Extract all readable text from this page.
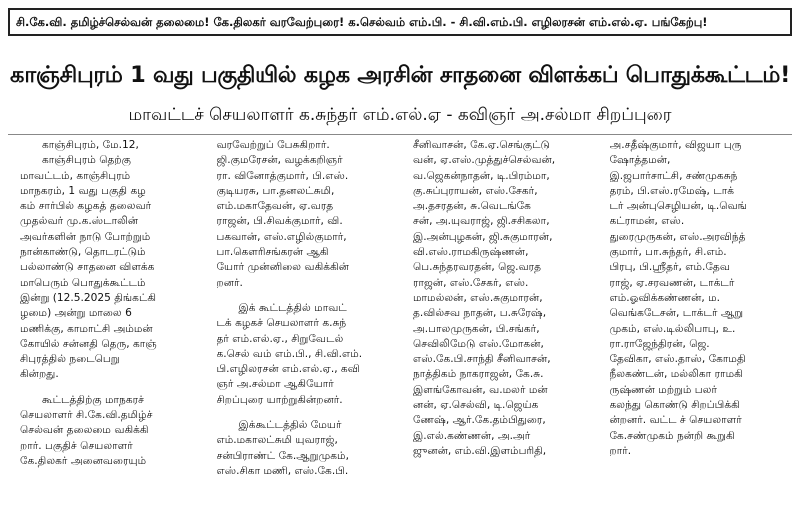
சி.கே.வி. தமிழ்ச்செல்வன் தலைமை! கே.திலகர் வரவேற்புரை! க.செல்வம் எம்.பி. - சி.வி.எம்.பி. எழிலரசன் எம்.எல்.ஏ. பங்கேற்பு!
காஞ்சிபுரம் 1 வது பகுதியில் கழக அரசின் சாதனை விளக்கப் பொதுக்கூட்டம்!
மாவட்டச் செயலாளர் க.சுந்தர் எம்.எல்.ஏ - கவிஞர் அ.சல்மா சிறப்புரை
காஞ்சிபுரம், மே.12,
காஞ்சிபுரம் தெற்கு
மாவட்டம், காஞ்சிபுரம்
மாநகரம், 1 வது பகுதி கழ
கம் சார்பில் கழகத் தலைவர்
முதல்வர் மு.க.ஸ்டாலின்
அவர்களின் நாடு போற்றும்
நான்காண்டு, தொடரட்டும்
பல்லாண்டு சாதனை விளக்க
மாபெரும் பொதுக்கூட்டம்
இன்று (12.5.2025 திங்கட்கி
ழமை) அன்று மாலை 6
மணிக்கு, காமாட்சி அம்மன்
கோயில் சன்னதி தெரு, காஞ்
சிபுரத்தில் நடைபெறு
கின்றது.
கூட்டத்திற்கு மாநகரச்
செயலாளர் சி.கே.வி.தமிழ்ச்
செல்வன் தலைமை வகிக்கி
றார். பகுதிச் செயலாளர்
கே.திலகர் அனைவரையும்
வரவேற்றுப் பேசுகிறார்.
ஜி.குமரேசன், வழக்கறிஞர்
ரா. வினோத்குமார், பி.எஸ்.
குடியரசு, பா.தனலட்சுமி,
எம்.மகாதேவன், ஏ.வரத
ராஜன், பி.சிவக்குமார், வி.
பகவான், எஸ்.எழில்குமார்,
பா.கௌரிசங்கரன் ஆகி
யோர் முன்னிலை வகிக்கின்
றனர்.
இக் கூட்டத்தில் மாவட்
டக் கழகச் செயலாளர் க.சுந்
தர் எம்.எல்.ஏ., சிறுவேடல்
க.செல் வம் எம்.பி., சி.வி.எம்.
பி.எழிலரசன் எம்.எல்.ஏ., கவி
ஞர் அ.சல்மா ஆகியோர்
சிறப்புரை யாற்றுகின்றனர்.
இக்கூட்டத்தில் மேயர்
எம்.மகாலட்சுமி யுவராஜ்,
சன்பிராண்ட் கே.ஆறுமுகம்,
எஸ்.சிகா மணி, எஸ்.கே.பி.
சீனிவாசன், கே.ஏ.செங்குட்டு
வன், ஏ.எஸ்.முத்துச்செல்வன்,
வ.ஜெகன்நாதன், டி.பிரம்மா,
கு.சுப்புராயன், எஸ்.சேகர்,
அ.தசரதன், சு.வெடங்கே
சன், அ.யுவராஜ், ஜி.சசிகலா,
இ.அன்புழகன், ஜி.சுகுமாரன்,
வி.எஸ்.ராமகிருஷ்ணன்,
பெ.சுந்தரவரதன், ஜெ.வரத
ராஜன், எஸ்.சேகர், எஸ்.
மாமல்லன், எஸ்.சுகுமாரன்,
த.வில்சவ நாதன், ப.சுரேஷ்,
அ.பாலமுருகன், பி.சங்கர்,
செவிலிமேடு எஸ்.மோகன்,
எஸ்.கே.பி.சாந்தி சீனிவாசன்,
நாத்திகம் நாகராஜன், கே.சு.
இளங்கோவன், வ.மலர் மன்
னன், ஏ.செல்வி, டி.ஜெய்க
ணேஷ், ஆர்.கே.தம்பிதுரை,
இ.எல்.கண்ணன், அ.அர்
ஜுனன், எம்.வி.இளம்பரிதி,
அ.சதீஷ்குமார், விஜயா புரு
ஷோத்தமன்,
இ.ஜபார்சாட்சி, சண்முகசுந்
தரம், பி.எஸ்.ரமேஷ், டாக்
டர் அன்புசெழியன், டி.வெங்
கட்ராமன், எஸ்.
துரைமுருகன், எஸ்.அரவிந்த்
குமார், பா.சுந்தர், சி.எம்.
பிரபு, பி.ஸ்ரீதர், எம்.தேவ
ராஜ், ஏ.சரவணன், டாக்டர்
எம்.ஓவிக்கண்ணன், ம.
வெங்கடேசன், டாக்டர் ஆறு
முகம், எஸ்.டில்லிபாபு, உ.
ரா.ராஜேந்திரன், ஜெ.
தேவிகா, எஸ்.தாஸ், கோமதி
நீலகண்டன், மல்லிகா ராமகி
ருஷ்ணன் மற்றும் பலர்
கலந்து கொண்டு சிறப்பிக்கி
ன்றனர். வட்ட ச் செயலாளர்
கே.சண்முகம் நன்றி கூறுகி
றார்.
